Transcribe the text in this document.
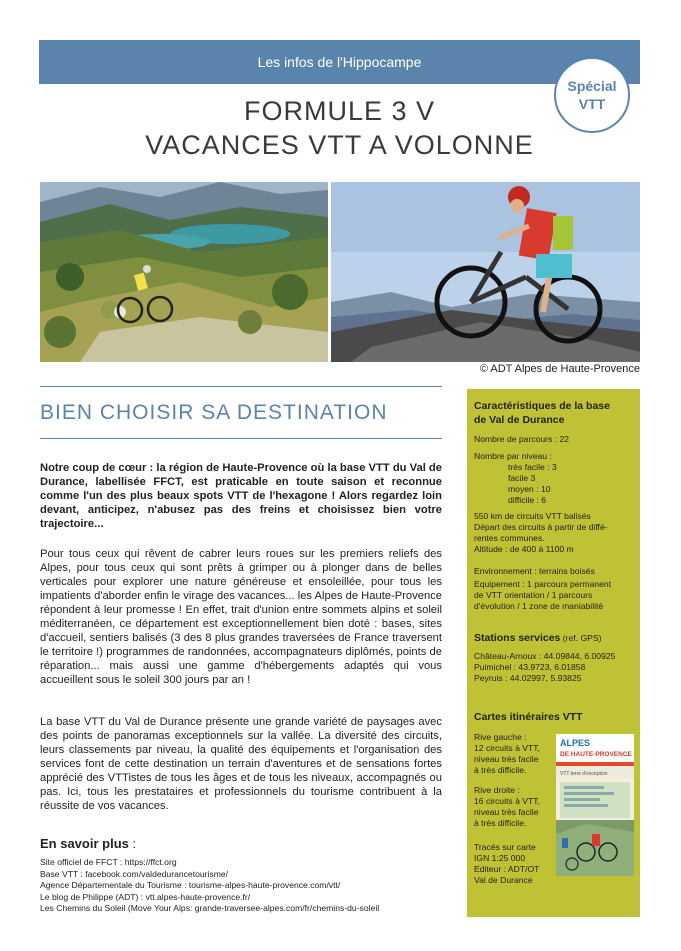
Les infos de l'Hippocampe
Spécial
VTT
FORMULE 3 V
VACANCES VTT A VOLONNE
© ADT Alpes de Haute-Provence
BIEN CHOISIR SA DESTINATION
Notre coup de cœur : la région de Haute-Provence où la base VTT du Val de Durance, labellisée FFCT, est praticable en toute saison et reconnue comme l'un des plus beaux spots VTT de l'hexagone ! Alors regardez loin devant, anticipez, n'abusez pas des freins et choisissez bien votre trajectoire...
Pour tous ceux qui rêvent de cabrer leurs roues sur les premiers reliefs des Alpes, pour tous ceux qui sont prêts à grimper ou à plonger dans de belles verticales pour explorer une nature généreuse et ensoleillée, pour tous les impatients d'aborder enfin le virage des vacances... les Alpes de Haute-Provence répondent à leur promesse ! En effet, trait d'union entre sommets alpins et soleil méditerranéen, ce département est exceptionnellement bien doté : bases, sites d'accueil, sentiers balisés (3 des 8 plus grandes traversées de France traversent le territoire !) programmes de randonnées, accompagnateurs diplômés, points de réparation... mais aussi une gamme d'hébergements adaptés qui vous accueillent sous le soleil 300 jours par an !
La base VTT du Val de Durance présente une grande variété de paysages avec des points de panoramas exceptionnels sur la vallée. La diversité des circuits, leurs classements par niveau, la qualité des équipements et l'organisation des services font de cette destination un terrain d'aventures et de sensations fortes apprécié des VTTistes de tous les âges et de tous les niveaux, accompagnés ou pas. Ici, tous les prestataires et professionnels du tourisme contribuent à la réussite de vos vacances.
En savoir plus :
Site officiel de FFCT : https://ffct.org
Base VTT : facebook.com/valdedurancetourisme/
Agence Départementale du Tourisme : tourisme-alpes-haute-provence.com/vtt/
Le blog de Philippe (ADT) : vtt.alpes-haute-provence.fr/
Les Chemins du Soleil (Move Your Alps: grande-traversee-alpes.com/fr/chemins-du-soleil
Caractéristiques de la base
de Val de Durance
Nombre de parcours : 22
Nombre par niveau :
très facile : 3
facile 3
moyen : 10
difficile : 6
550 km de circuits VTT balisés
Départ des circuits à partir de diffé-
rentes communes.
Altitude : de 400 à 1100 m
Environnement : terrains boisés
Equipement : 1 parcours permanent
de VTT orientation / 1 parcours
d'évolution / 1 zone de maniabilité
Stations services (ref. GPS)
Château-Arnoux : 44.09844, 6.00925
Puimichel : 43.9723, 6.01858
Peyruis : 44.02997, 5.93825
Cartes itinéraires VTT
Rive gauche :
12 circuits à VTT,
niveau très facile
à très difficile.
Rive droite :
16 circuits à VTT,
niveau très facile
à très difficile.
Tracés sur carte
IGN 1:25 000
Editeur : ADT/OT
Val de Durance
ALPES
DE HAUTE-PROVENCE
VTT terre d'exception
